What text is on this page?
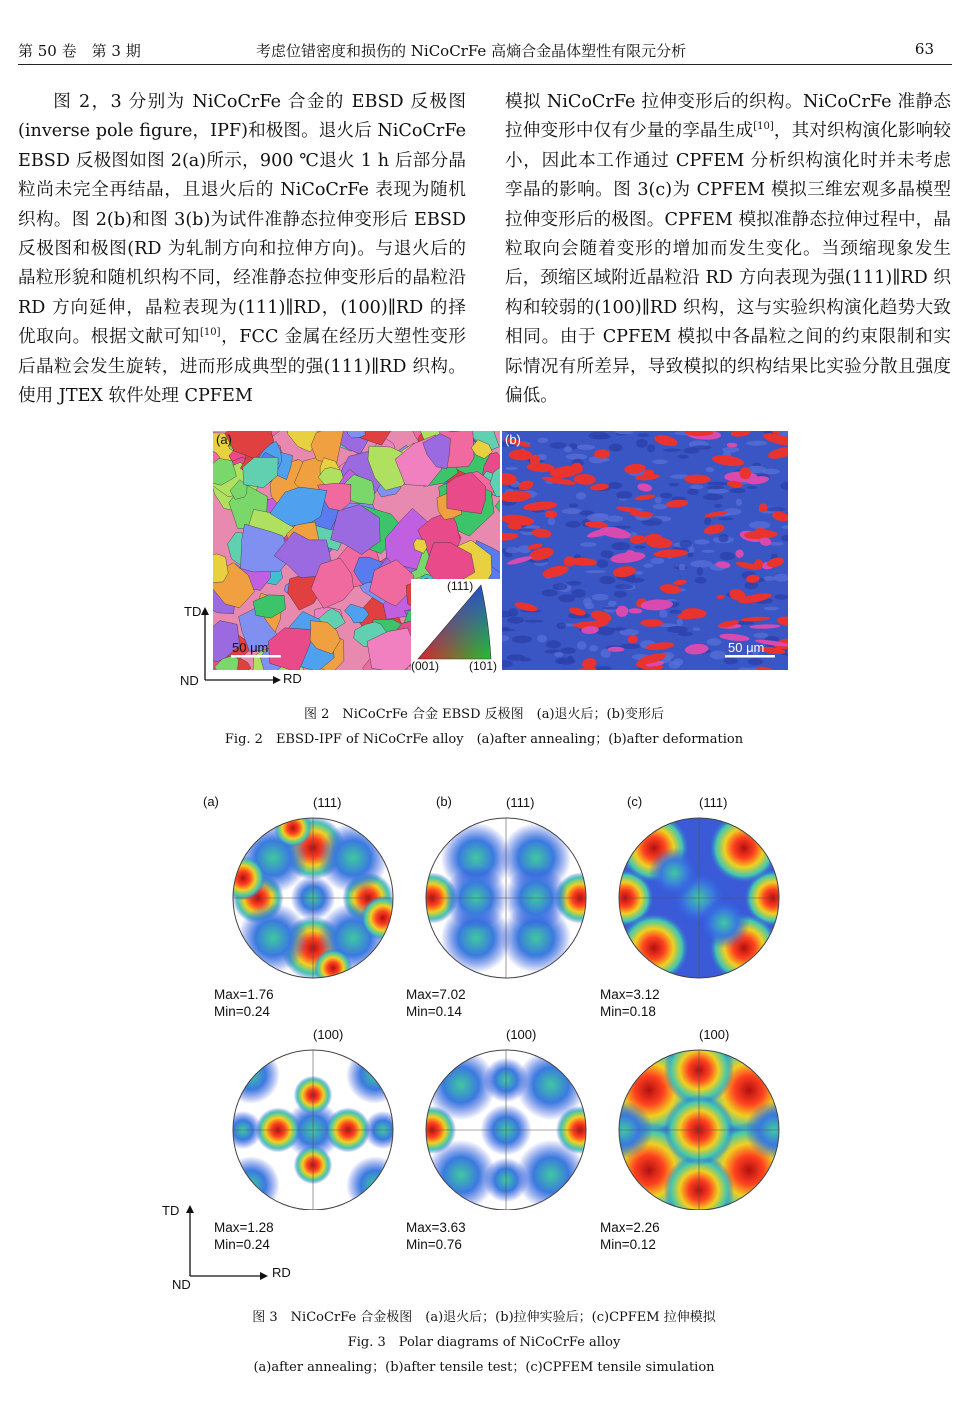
第 50 卷　第 3 期	考虑位错密度和损伤的 NiCoCrFe 高熵合金晶体塑性有限元分析	63

图 2，3 分别为 NiCoCrFe 合金的 EBSD 反极图(inverse pole figure，IPF)和极图。退火后 NiCoCrFe EBSD 反极图如图 2(a)所示，900 ℃退火 1 h 后部分晶粒尚未完全再结晶，且退火后的 NiCoCrFe 表现为随机织构。图 2(b)和图 3(b)为试件准静态拉伸变形后 EBSD 反极图和极图(RD 为轧制方向和拉伸方向)。与退火后的晶粒形貌和随机织构不同，经准静态拉伸变形后的晶粒沿 RD 方向延伸，晶粒表现为(111)∥RD，(100)∥RD 的择优取向。根据文献可知[10]，FCC 金属在经历大塑性变形后晶粒会发生旋转，进而形成典型的强(111)∥RD 织构。使用 JTEX 软件处理 CPFEM

模拟 NiCoCrFe 拉伸变形后的织构。NiCoCrFe 准静态拉伸变形中仅有少量的孪晶生成[10]，其对织构演化影响较小，因此本工作通过 CPFEM 分析织构演化时并未考虑孪晶的影响。图 3(c)为 CPFEM 模拟三维宏观多晶模型拉伸变形后的极图。CPFEM 模拟准静态拉伸过程中，晶粒取向会随着变形的增加而发生变化。当颈缩现象发生后，颈缩区域附近晶粒沿 RD 方向表现为强(111)∥RD 织构和较弱的(100)∥RD 织构，这与实验织构演化趋势大致相同。由于 CPFEM 模拟中各晶粒之间的约束限制和实际情况有所差异，导致模拟的织构结果比实验分散且强度偏低。

(a)
50 μm
(111)
(001) (101)
(b)
50 μm
TD
ND	RD
图 2　NiCoCrFe 合金 EBSD 反极图　(a)退火后；(b)变形后
Fig. 2　EBSD-IPF of NiCoCrFe alloy　(a)after annealing；(b)after deformation
(a)	(b)	(c)
(111)	(111)	(111)
Max=1.76
Min=0.24
Max=7.02
Min=0.14
Max=3.12
Min=0.18
(100)	(100)	(100)
Max=1.28
Min=0.24
Max=3.63
Min=0.76
Max=2.26
Min=0.12
TD
ND
RD
图 3　NiCoCrFe 合金极图　(a)退火后；(b)拉伸实验后；(c)CPFEM 拉伸模拟
Fig. 3　Polar diagrams of NiCoCrFe alloy
(a)after annealing；(b)after tensile test；(c)CPFEM tensile simulation
